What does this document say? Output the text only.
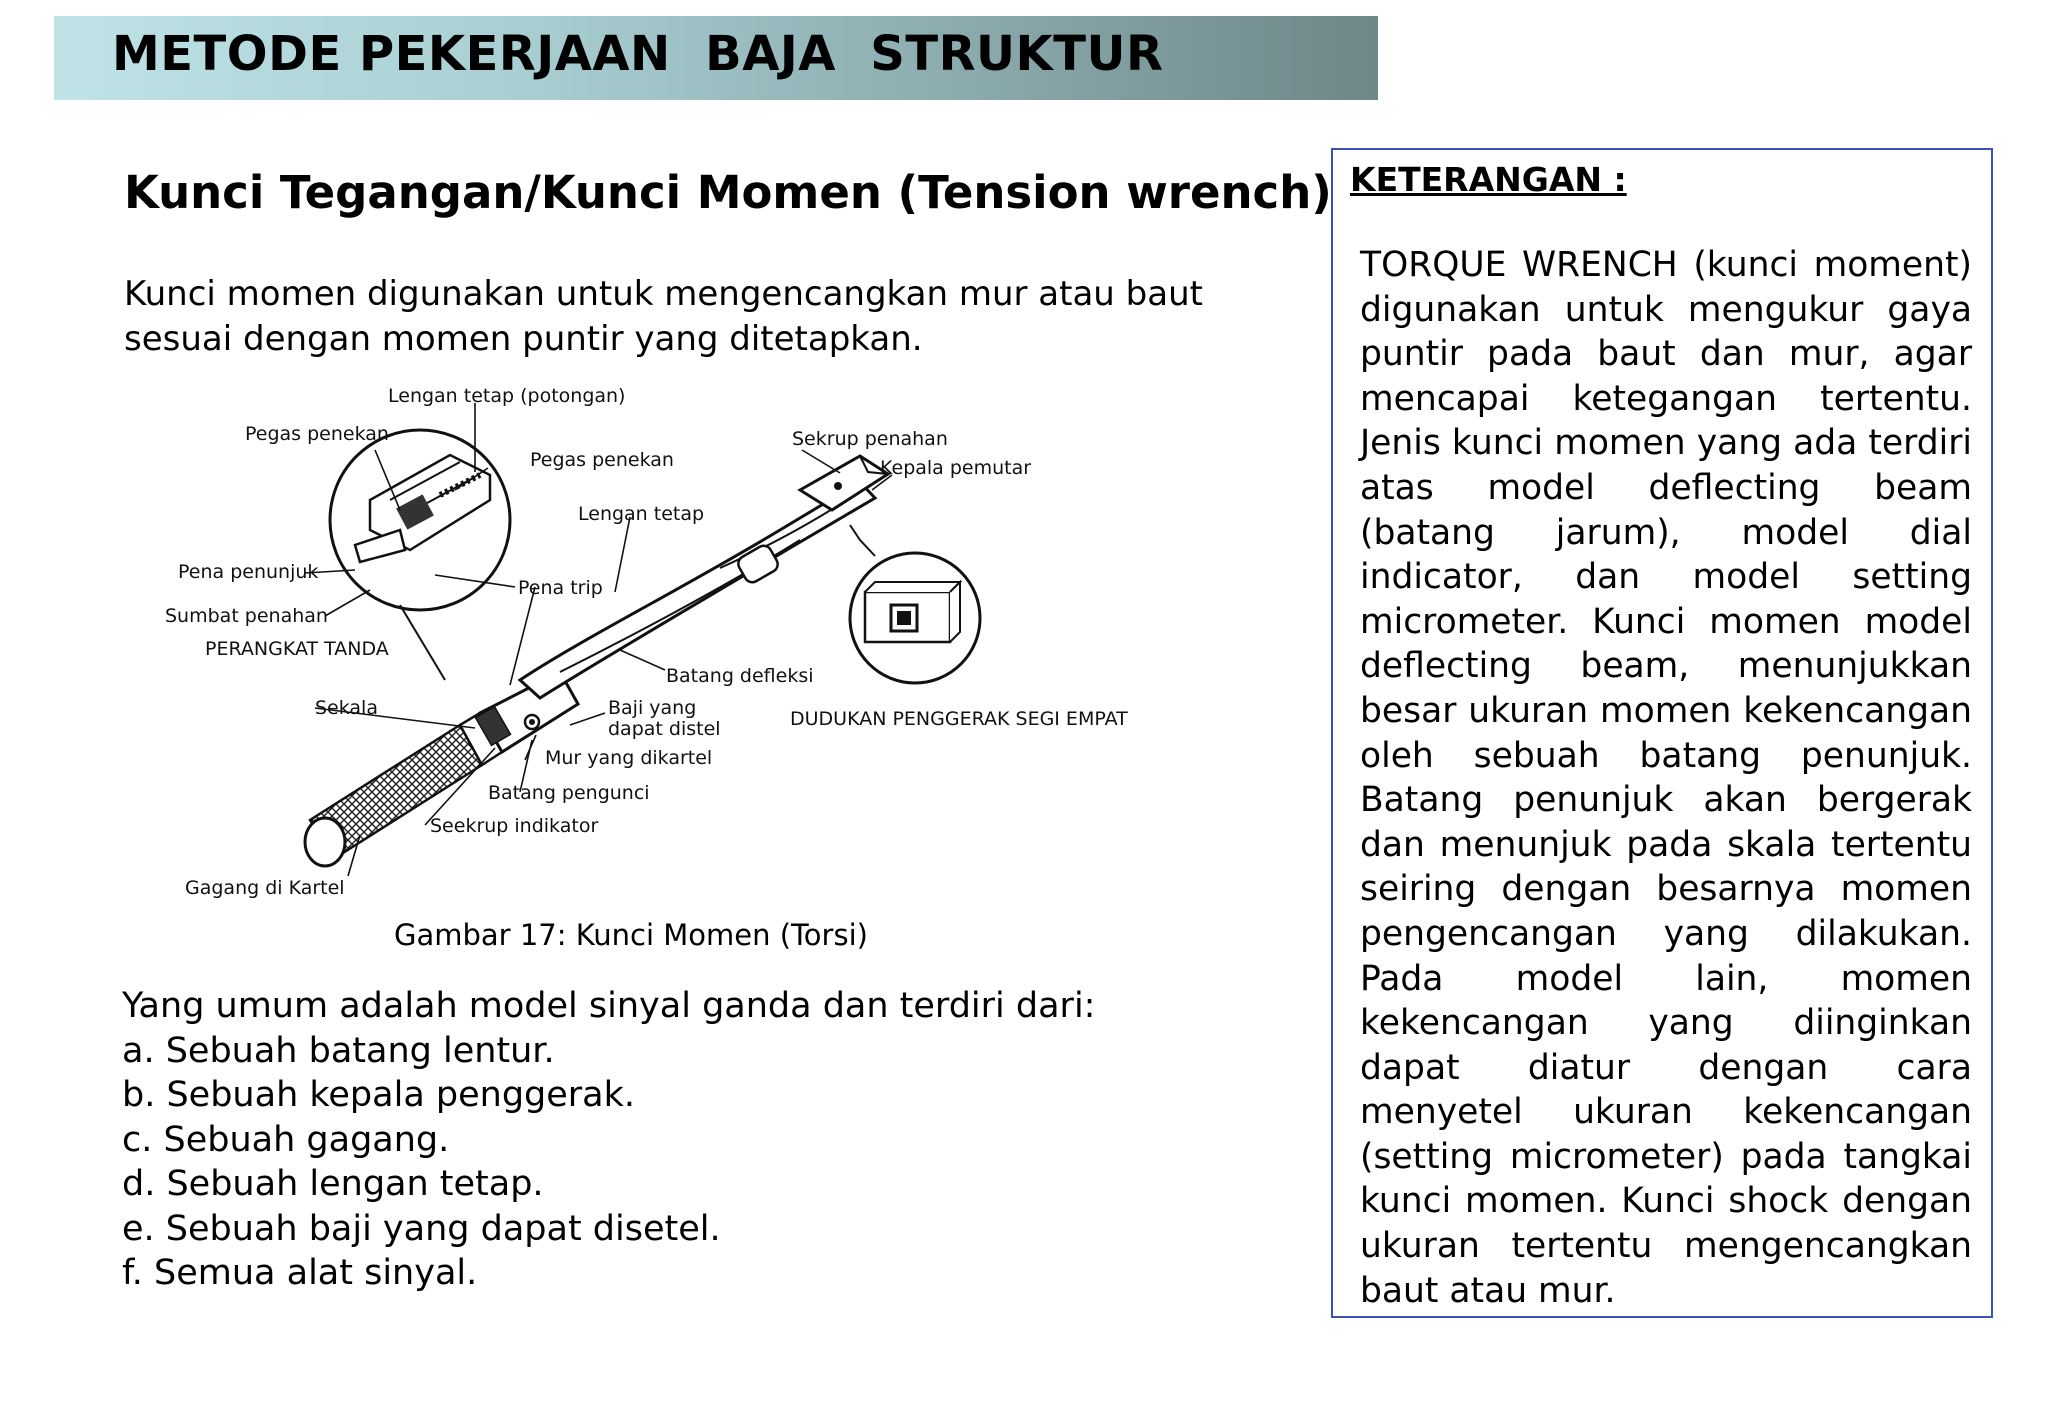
METODE PEKERJAAN  BAJA  STRUKTUR
Kunci Tegangan/Kunci Momen (Tension wrench)
Kunci momen digunakan untuk mengencangkan mur atau baut sesuai dengan momen puntir yang ditetapkan.
Lengan tetap (potongan)
Pegas penekan
Pegas penekan
Sekrup penahan
Kepala pemutar
Lengan tetap
Pena penunjuk
Pena trip
Sumbat penahan
PERANGKAT TANDA
Batang defleksi
Sekala	Baji yang
dapat distel	DUDUKAN PENGGERAK SEGI EMPAT
Mur yang dikartel
Batang pengunci
Seekrup indikator
Gagang di Kartel
Gambar 17: Kunci Momen (Torsi)
Yang umum adalah model sinyal ganda dan terdiri dari:
a. Sebuah batang lentur.
b. Sebuah kepala penggerak.
c. Sebuah gagang.
d. Sebuah lengan tetap.
e. Sebuah baji yang dapat disetel.
f. Semua alat sinyal.
KETERANGAN :
TORQUE WRENCH (kunci moment) digunakan untuk mengukur gaya puntir pada baut dan mur, agar mencapai ketegangan tertentu. Jenis kunci momen yang ada terdiri atas model deflecting beam (batang jarum), model dial indicator, dan model setting micrometer. Kunci momen model deflecting beam, menunjukkan besar ukuran momen kekencangan oleh sebuah batang penunjuk. Batang penunjuk akan bergerak dan menunjuk pada skala tertentu seiring dengan besarnya momen pengencangan yang dilakukan. Pada model lain, momen kekencangan yang diinginkan dapat diatur dengan cara menyetel ukuran kekencangan (setting micrometer) pada tangkai kunci momen. Kunci shock dengan ukuran tertentu mengencangkan baut atau mur.
